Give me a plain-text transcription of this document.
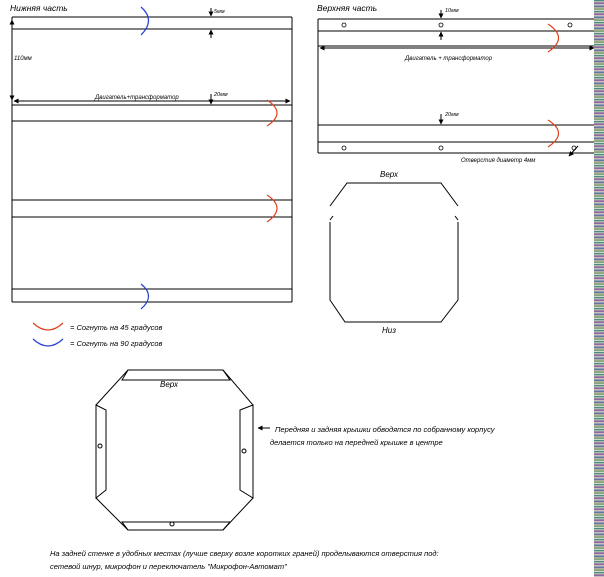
Нижняя часть	5мм
110мм
Двигатель+трансформатор	20мм
Верхняя часть	10мм
Двигатель + трансформатор
20мм
Отверстия диаметр 4мм
Верх
Низ
= Согнуть на 45 градусов
= Согнуть на 90 градусов
Верх
Передняя и задняя крышки обводятся по собранному корпусу
делается только на передней крышке в центре
На задней стенке в удобных местах (лучше сверху возле коротких граней) проделываются отверстия под:
сетевой шнур, микрофон и переключатель "Микрофон-Автомат"
